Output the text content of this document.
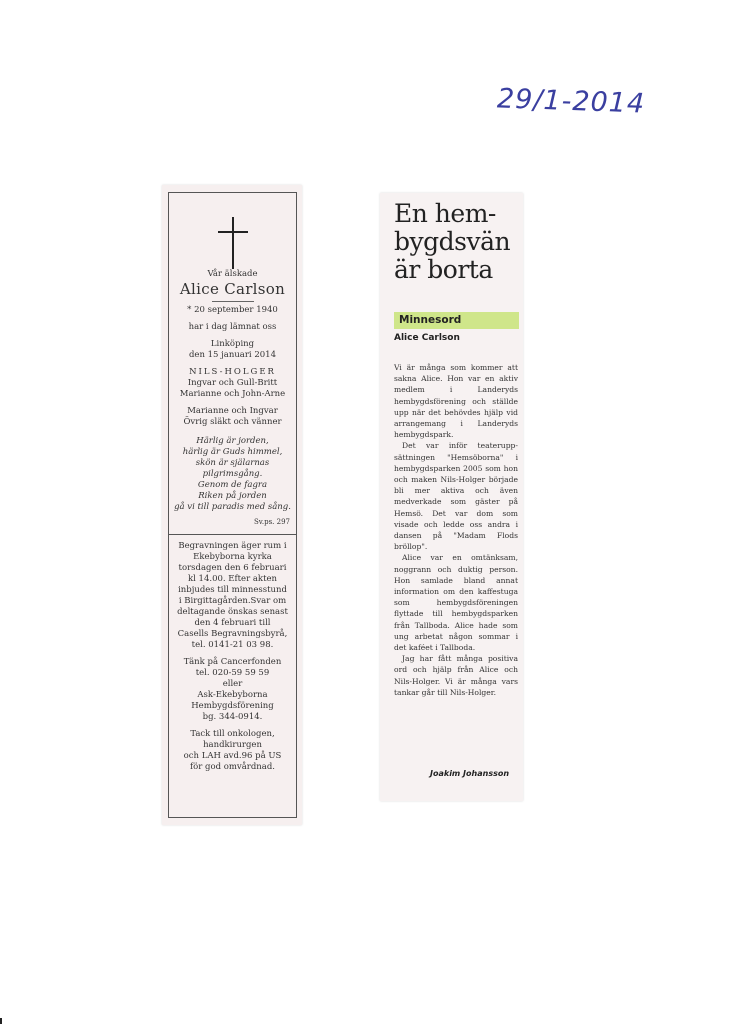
29/1-2014

Vår älskade

Alice Carlson

* 20 september 1940

har i dag lämnat oss

Linköping

den 15 januari 2014

NILS-HOLGER

Ingvar och Gull-Britt

Marianne och John-Arne

Marianne och Ingvar

Övrig släkt och vänner

Härlig är jorden,

härlig är Guds himmel,

skön är själarnas

pilgrimsgång.

Genom de fagra

Riken på jorden

gå vi till paradis med sång.

Sv.ps. 297

Begravningen äger rum i

Ekebyborna kyrka

torsdagen den 6 februari

kl 14.00. Efter akten

inbjudes till minnesstund

i Birgittagården.Svar om

deltagande önskas senast

den 4 februari till

Casells Begravningsbyrå,

tel. 0141-21 03 98.

Tänk på Cancerfonden

tel. 020-59 59 59

eller

Ask-Ekebyborna

Hembygdsförening

bg. 344-0914.

Tack till onkologen,

handkirurgen

och LAH avd.96 på US

för god omvårdnad.

En hem-
bygdsvän
är borta
Minnesord
Alice Carlson

Vi är många som kommer att sakna Alice. Hon var en aktiv medlem i Landeryds hembygdsförening och ställde upp när det behövdes hjälp vid arrangemang i Landeryds hembygdspark.

Det var inför teaterupp-sättningen "Hemsöborna" i hembygdsparken 2005 som hon och maken Nils-Holger började bli mer aktiva och även medverkade som gäster på Hemsö. Det var dom som visade och ledde oss andra i dansen på "Madam Flods bröllop".

Alice var en omtänksam, noggrann och duktig person. Hon samlade bland annat information om den kaffestuga som hembygdsföreningen flyttade till hembygdsparken från Tallboda. Alice hade som ung arbetat någon sommar i det kaféet i Tallboda.

Jag har fått många positiva ord och hjälp från Alice och Nils-Holger. Vi är många vars tankar går till Nils-Holger.

Joakim Johansson
